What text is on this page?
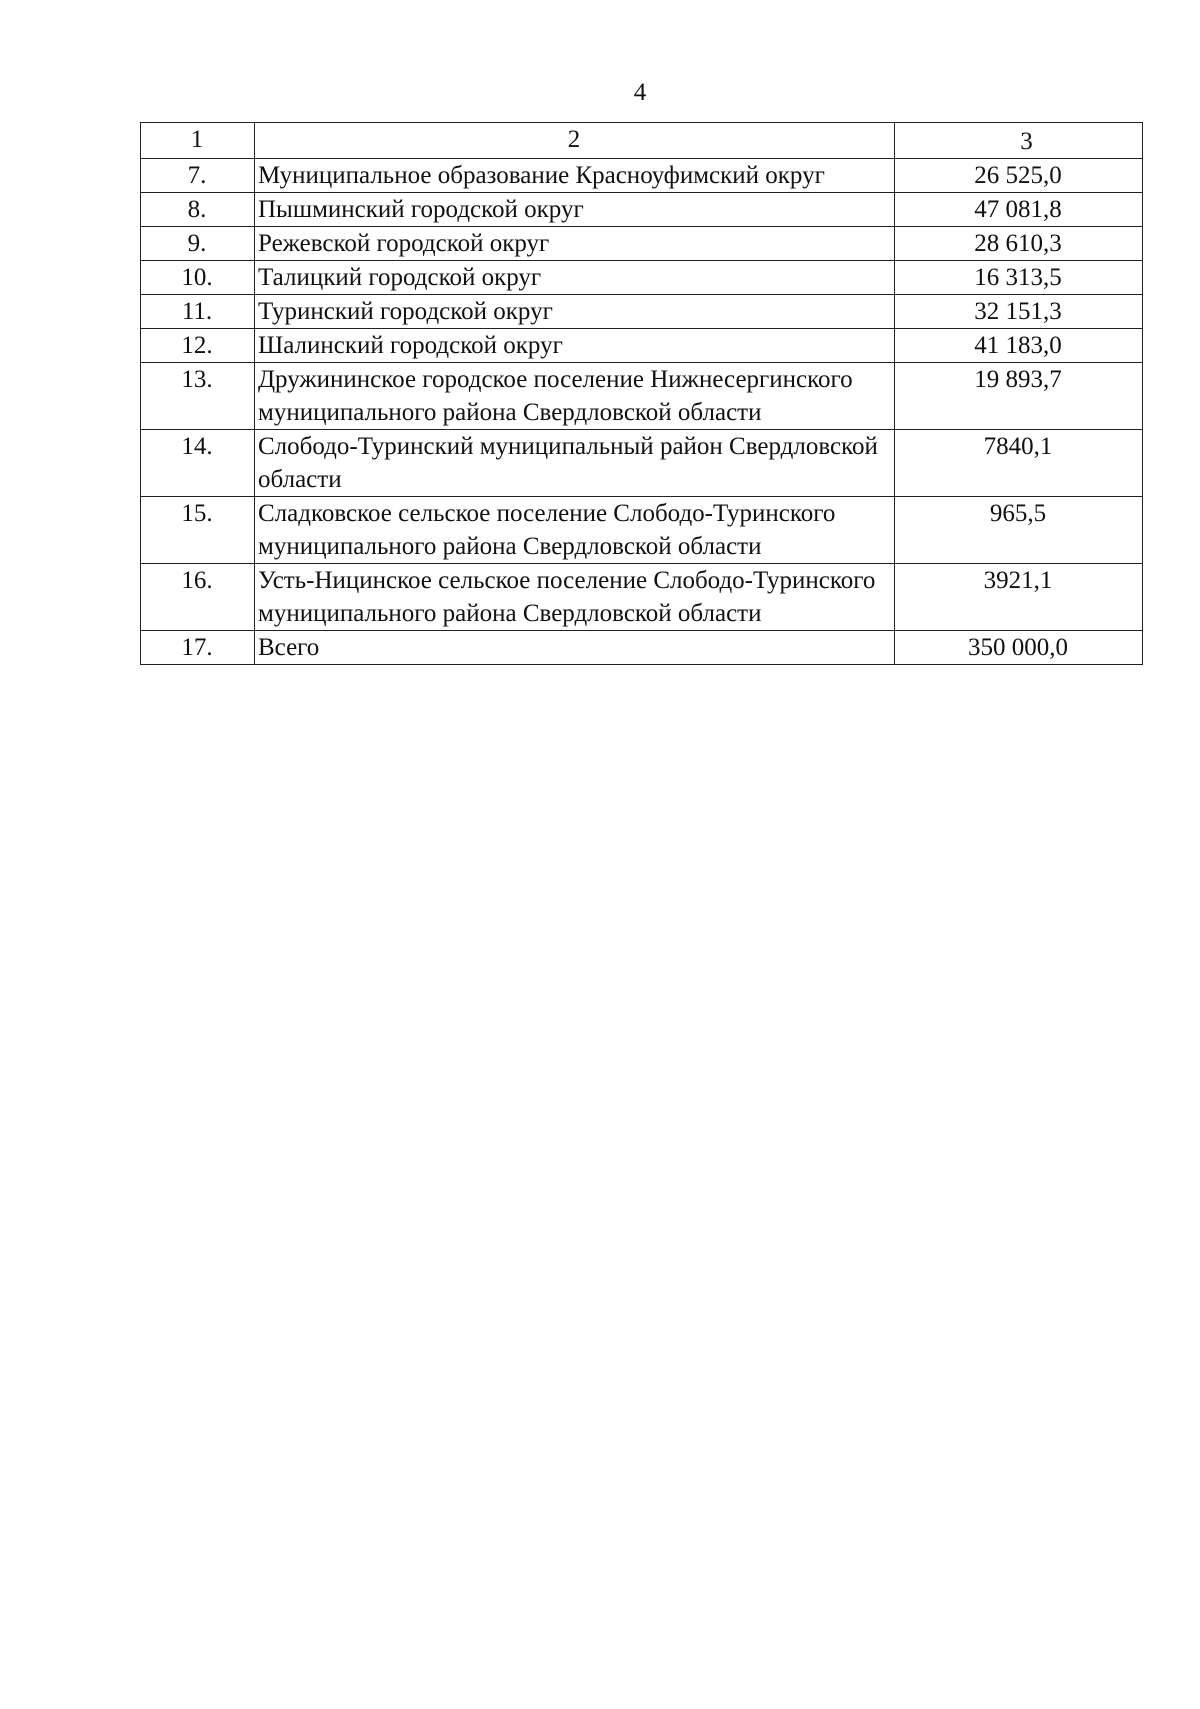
4
1	2	3
7.	Муниципальное образование Красноуфимский округ	26 525,0
8.	Пышминский городской округ	47 081,8
9.	Режевской городской округ	28 610,3
10.	Талицкий городской округ	16 313,5
11.	Туринский городской округ	32 151,3
12.	Шалинский городской округ	41 183,0
13.	Дружининское городское поселение Нижнесергинского муниципального района Свердловской области	19 893,7
14.	Слободо-Туринский муниципальный район Свердловской области	7840,1
15.	Сладковское сельское поселение Слободо-Туринского муниципального района Свердловской области	965,5
16.	Усть-Ницинское сельское поселение Слободо-Туринского муниципального района Свердловской области	3921,1
17.	Всего	350 000,0
